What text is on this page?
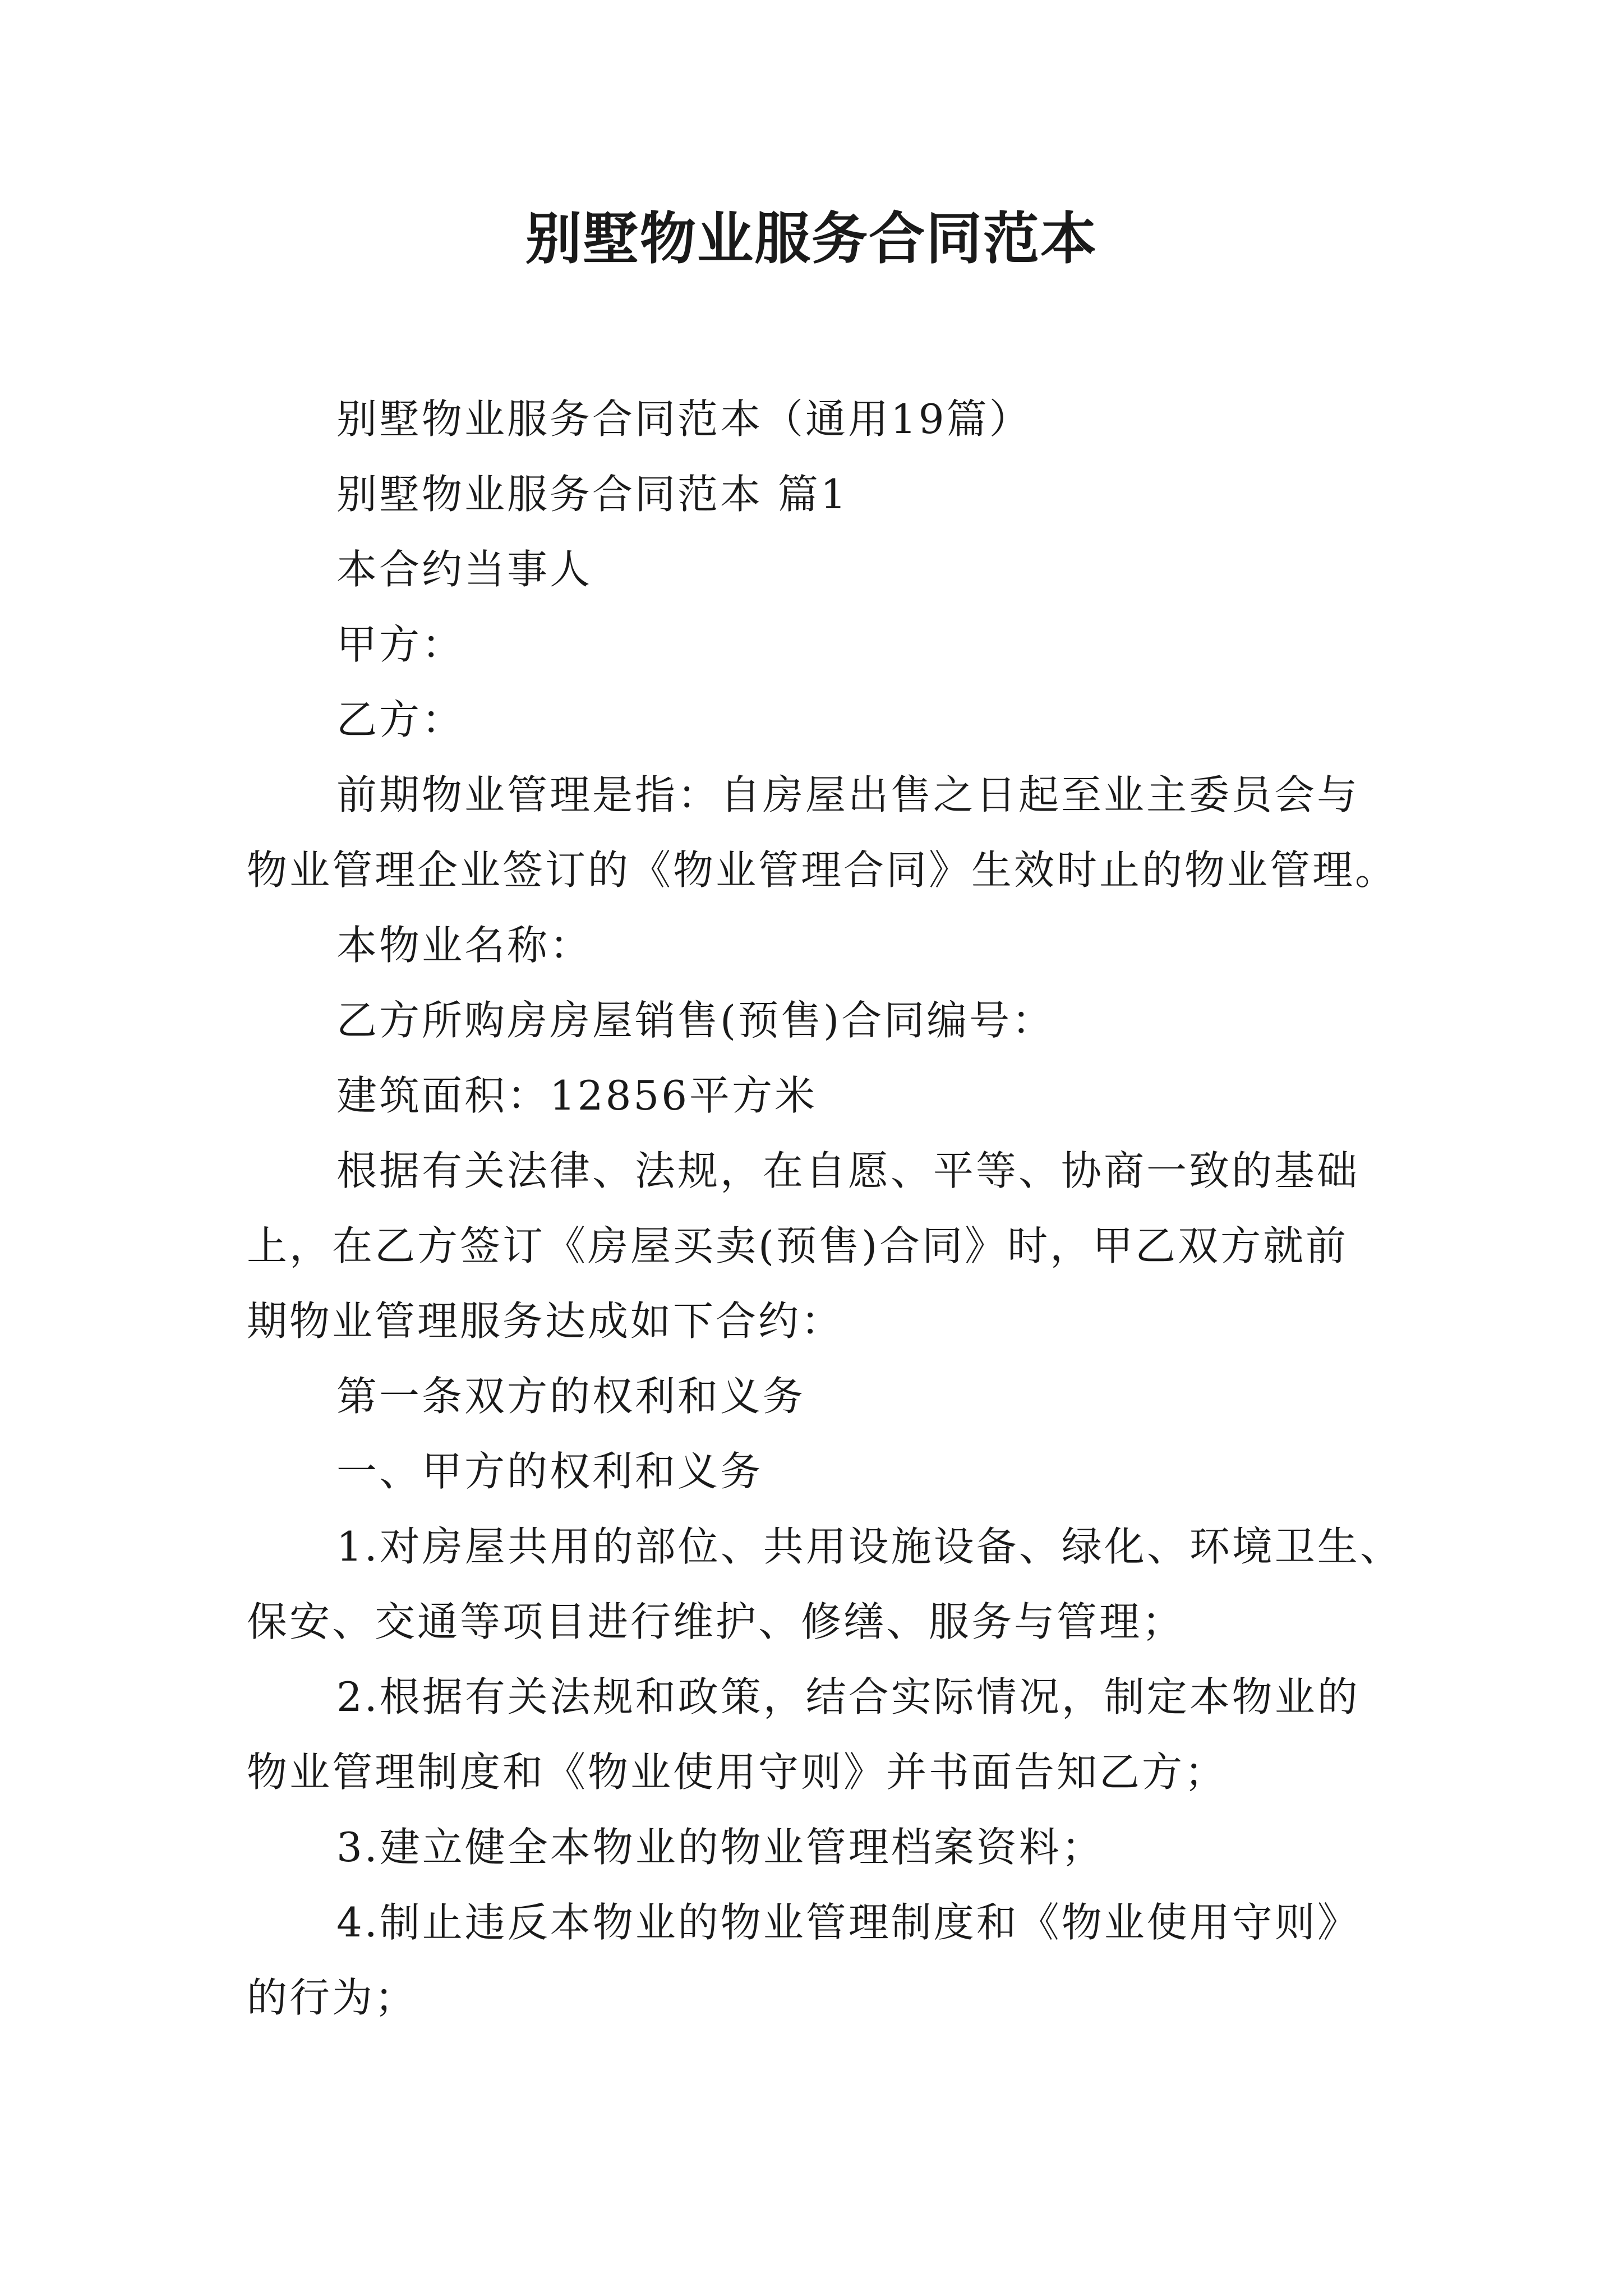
别墅物业服务合同范本
别墅物业服务合同范本（通用19篇）
别墅物业服务合同范本 篇1
本合约当事人
甲方：
乙方：
前期物业管理是指：自房屋出售之日起至业主委员会与
物业管理企业签订的《物业管理合同》生效时止的物业管理。
本物业名称：
乙方所购房房屋销售(预售)合同编号：
建筑面积：12856平方米
根据有关法律、法规，在自愿、平等、协商一致的基础
上，在乙方签订《房屋买卖(预售)合同》时，甲乙双方就前
期物业管理服务达成如下合约：
第一条双方的权利和义务
一、甲方的权利和义务
1.对房屋共用的部位、共用设施设备、绿化、环境卫生、
保安、交通等项目进行维护、修缮、服务与管理；
2.根据有关法规和政策，结合实际情况，制定本物业的
物业管理制度和《物业使用守则》并书面告知乙方；
3.建立健全本物业的物业管理档案资料；
4.制止违反本物业的物业管理制度和《物业使用守则》
的行为；
